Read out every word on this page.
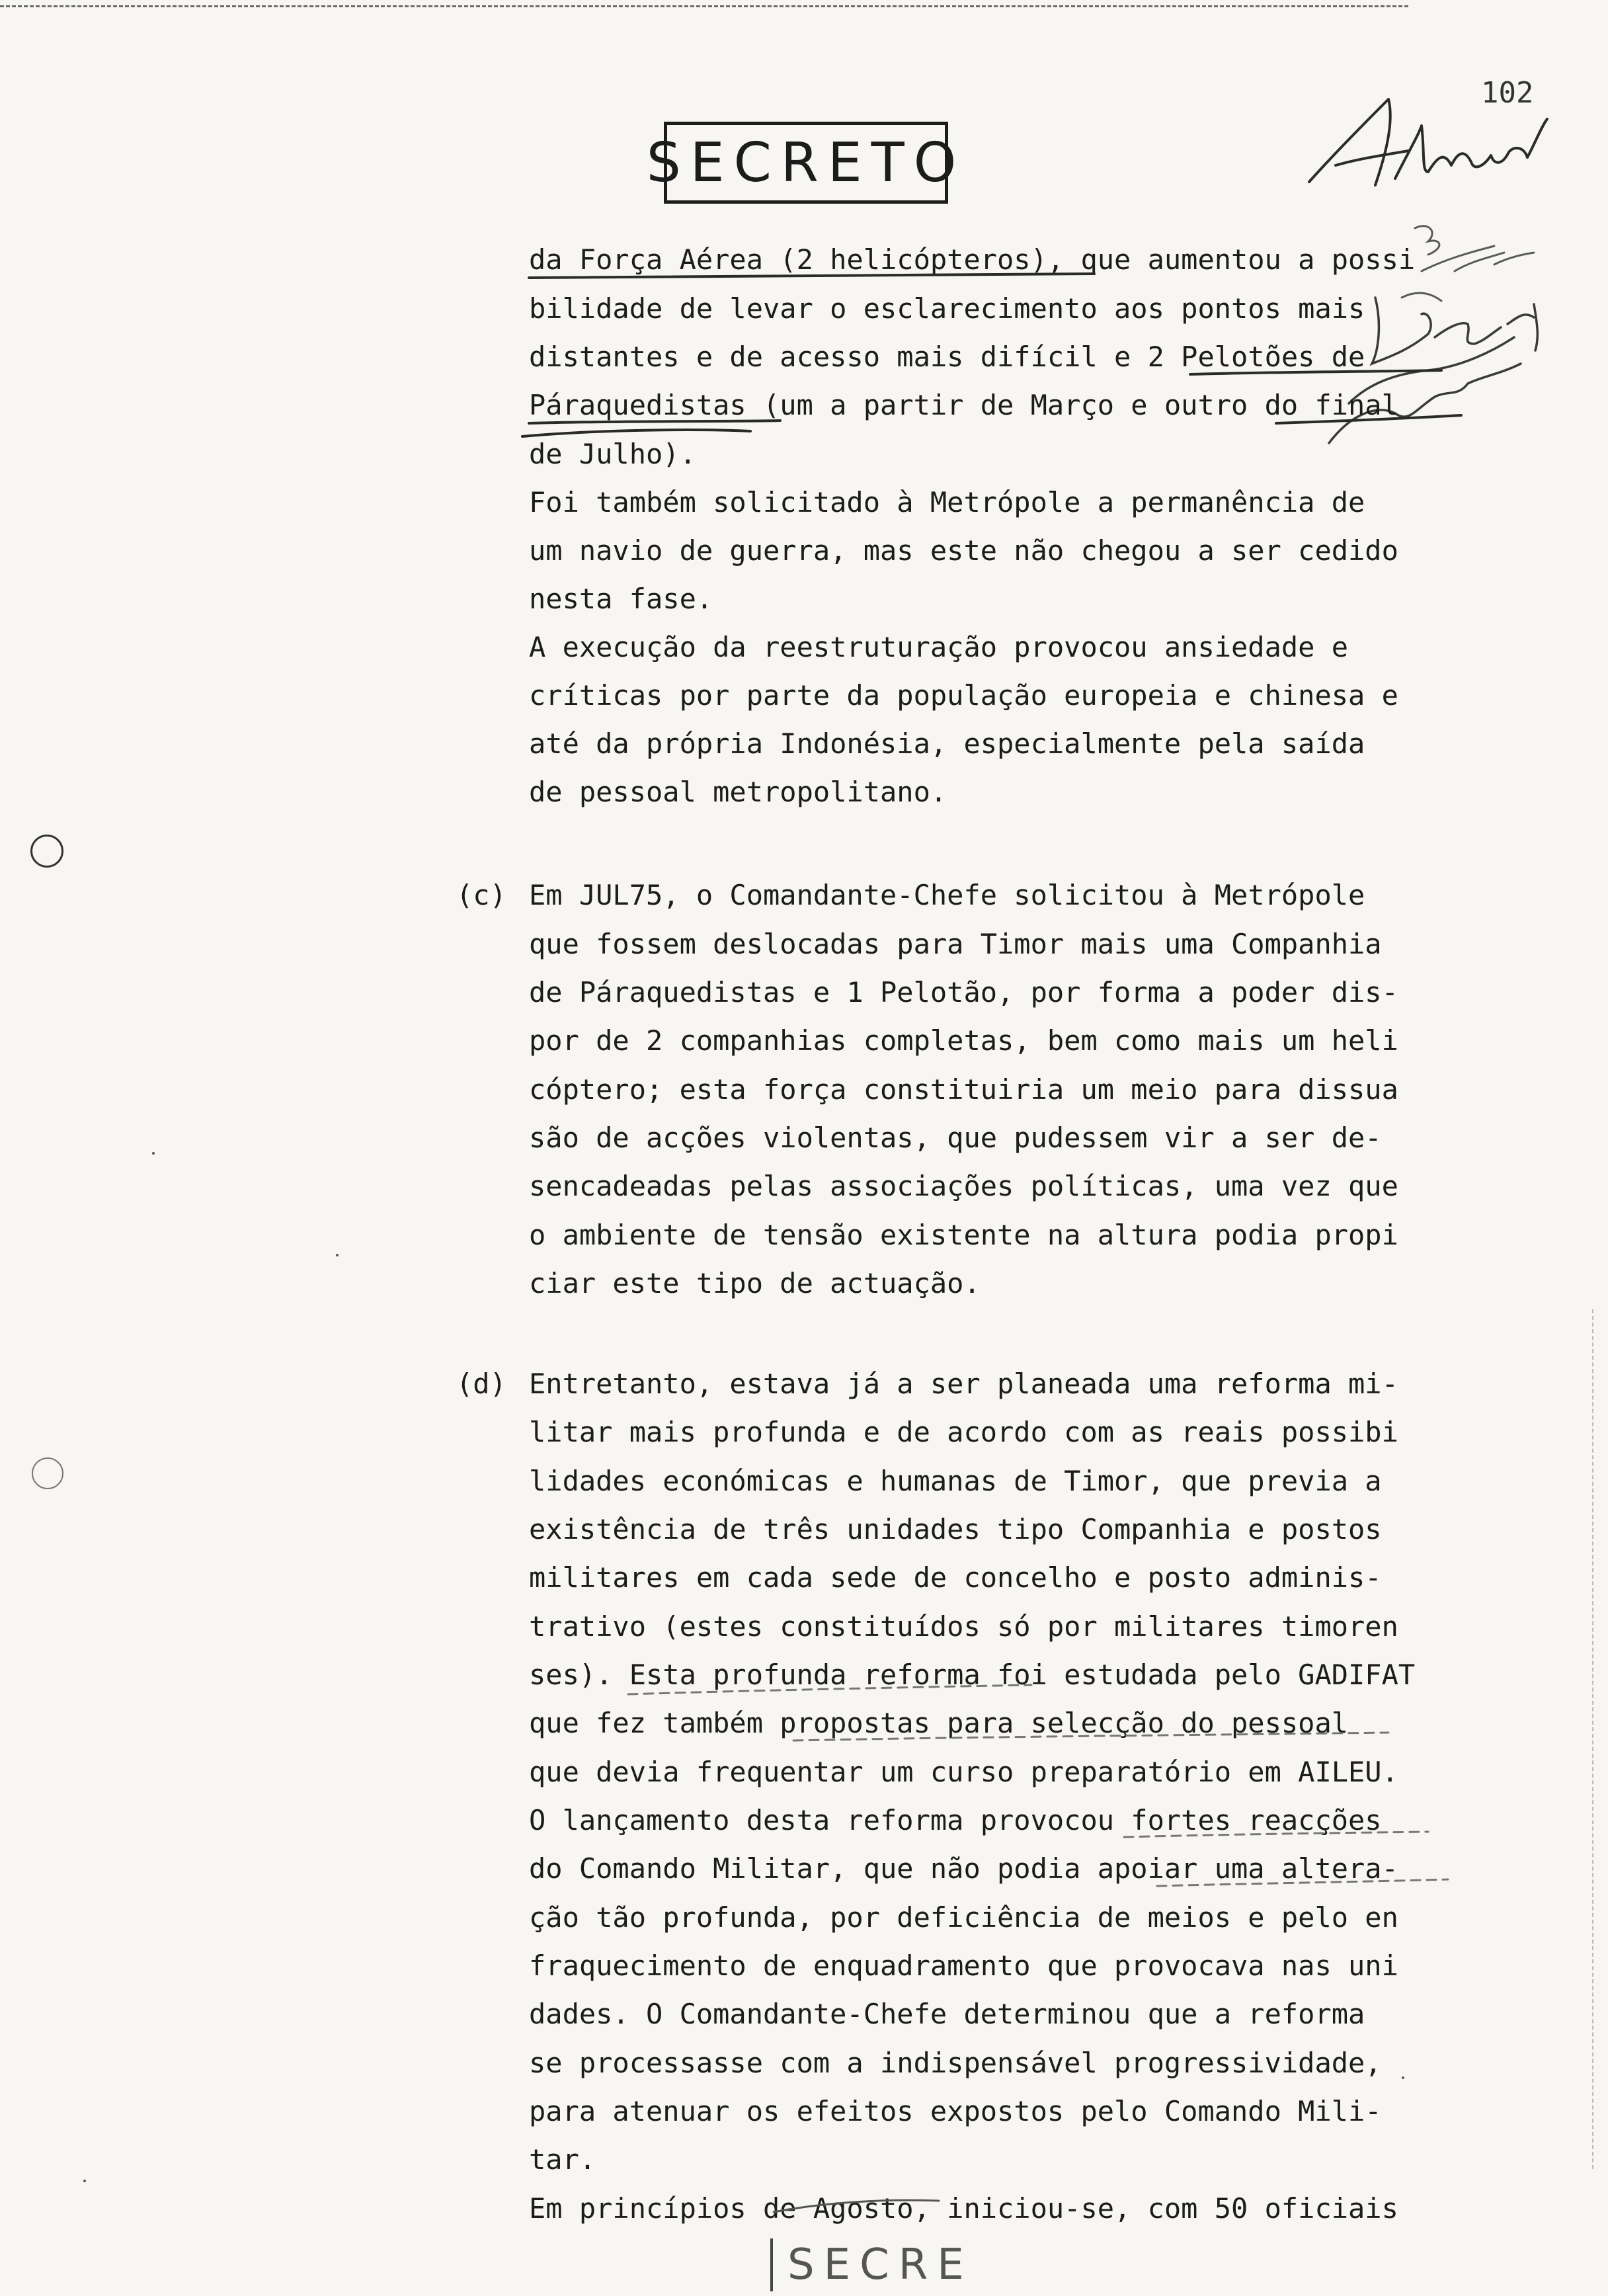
102
SECRETO
da Força Aérea (2 helicópteros), que aumentou a possi
bilidade de levar o esclarecimento aos pontos mais
distantes e de acesso mais difícil e 2 Pelotões de
Páraquedistas (um a partir de Março e outro do final
de Julho).
Foi também solicitado à Metrópole a permanência de
um navio de guerra, mas este não chegou a ser cedido
nesta fase.
A execução da reestruturação provocou ansiedade e
críticas por parte da população europeia e chinesa e
até da própria Indonésia, especialmente pela saída
de pessoal metropolitano.
(c) Em JUL75, o Comandante-Chefe solicitou à Metrópole
que fossem deslocadas para Timor mais uma Companhia
de Páraquedistas e 1 Pelotão, por forma a poder dis-
por de 2 companhias completas, bem como mais um heli
cóptero; esta força constituiria um meio para dissua
são de acções violentas, que pudessem vir a ser de-
sencadeadas pelas associações políticas, uma vez que
o ambiente de tensão existente na altura podia propi
ciar este tipo de actuação.
(d) Entretanto, estava já a ser planeada uma reforma mi-
litar mais profunda e de acordo com as reais possibi
lidades económicas e humanas de Timor, que previa a
existência de três unidades tipo Companhia e postos
militares em cada sede de concelho e posto adminis-
trativo (estes constituídos só por militares timoren
ses). Esta profunda reforma foi estudada pelo GADIFAT
que fez também propostas para selecção do pessoal
que devia frequentar um curso preparatório em AILEU.
O lançamento desta reforma provocou fortes reacções
do Comando Militar, que não podia apoiar uma altera-
ção tão profunda, por deficiência de meios e pelo en
fraquecimento de enquadramento que provocava nas uni
dades. O Comandante-Chefe determinou que a reforma
se processasse com a indispensável progressividade,
para atenuar os efeitos expostos pelo Comando Mili-
tar.
Em princípios de Agosto, iniciou-se, com 50 oficiais
SECRE
